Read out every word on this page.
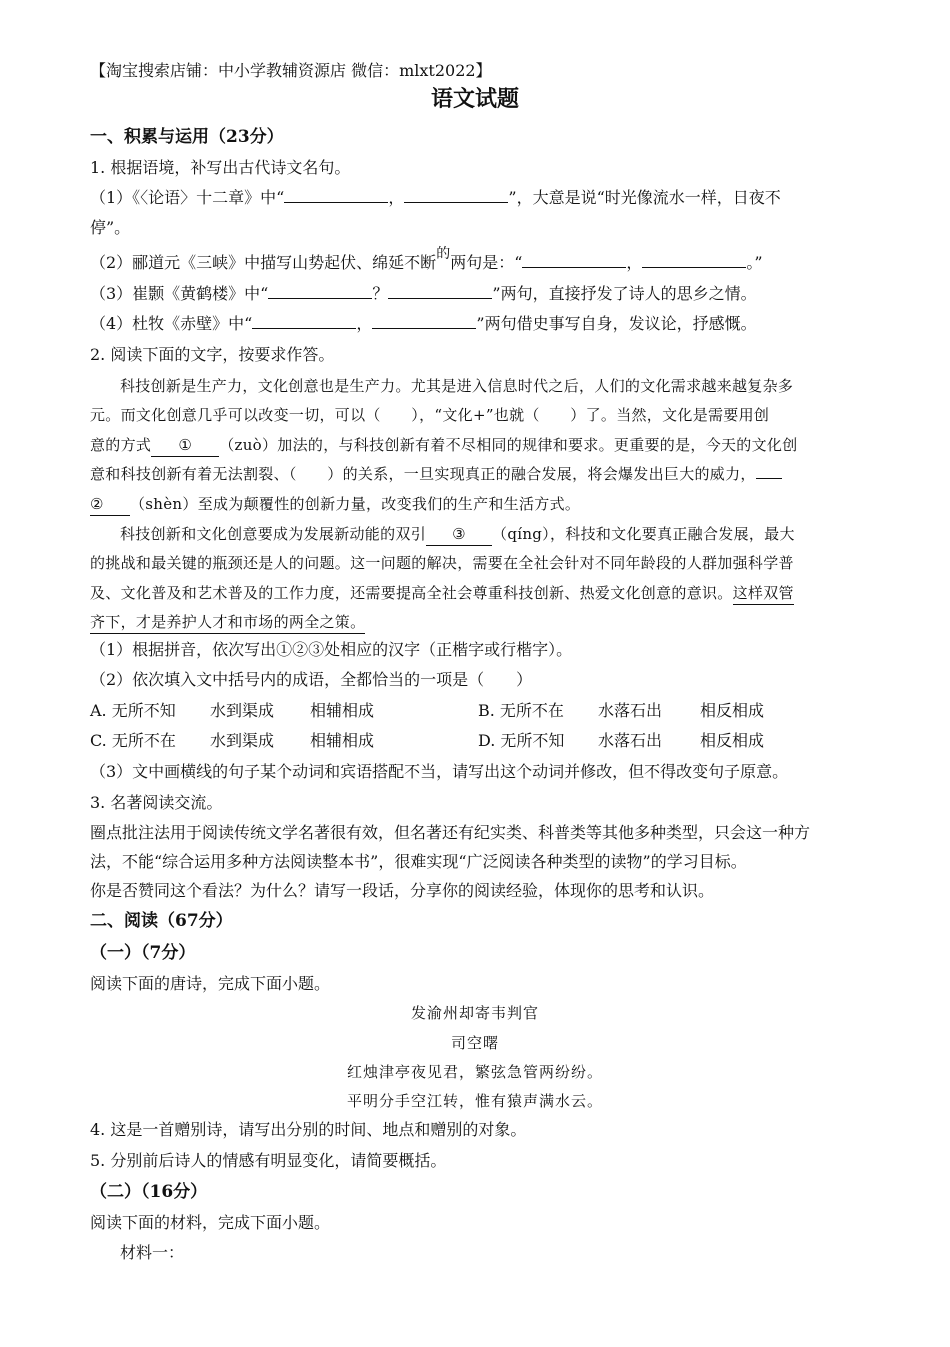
【淘宝搜索店铺：中小学教辅资源店 微信：mlxt2022】
语文试题
一、积累与运用（23分）
1. 根据语境，补写出古代诗文名句。
（1）《〈论语〉十二章》中“	，	”，大意是说“时光像流水一样，日夜不
停”。
（2）郦道元《三峡》中描写山势起伏、绵延不断的两句是：“	，	。”
（3）崔颢《黄鹤楼》中“	？	”两句，直接抒发了诗人的思乡之情。
（4）杜牧《赤壁》中“	，	”两句借史事写自身，发议论，抒感慨。
2. 阅读下面的文字，按要求作答。
科技创新是生产力，文化创意也是生产力。尤其是进入信息时代之后，人们的文化需求越来越复杂多
元。而文化创意几乎可以改变一切，可以（　　），“文化+”也就（　　）了。当然，文化是需要用创
意的方式 ① （zuò）加法的，与科技创新有着不尽相同的规律和要求。更重要的是，今天的文化创
意和科技创新有着无法割裂、（　　）的关系，一旦实现真正的融合发展，将会爆发出巨大的威力，
② （shèn）至成为颠覆性的创新力量，改变我们的生产和生活方式。
科技创新和文化创意要成为发展新动能的双引 ③ （qíng），科技和文化要真正融合发展，最大
的挑战和最关键的瓶颈还是人的问题。这一问题的解决，需要在全社会针对不同年龄段的人群加强科学普
及、文化普及和艺术普及的工作力度，还需要提高全社会尊重科技创新、热爱文化创意的意识。这样双管
齐下，才是养护人才和市场的两全之策。
（1）根据拼音，依次写出①②③处相应的汉字（正楷字或行楷字）。
（2）依次填入文中括号内的成语，全都恰当的一项是（　　）
A. 无所不知 水到渠成 相辅相成	B. 无所不在 水落石出 相反相成
C. 无所不在 水到渠成 相辅相成	D. 无所不知 水落石出 相反相成
（3）文中画横线的句子某个动词和宾语搭配不当，请写出这个动词并修改，但不得改变句子原意。
3. 名著阅读交流。
圈点批注法用于阅读传统文学名著很有效，但名著还有纪实类、科普类等其他多种类型，只会这一种方
法，不能“综合运用多种方法阅读整本书”，很难实现“广泛阅读各种类型的读物”的学习目标。
你是否赞同这个看法？为什么？请写一段话，分享你的阅读经验，体现你的思考和认识。
二、阅读（67分）
（一）（7分）
阅读下面的唐诗，完成下面小题。
发渝州却寄韦判官
司空曙
红烛津亭夜见君，繁弦急管两纷纷。
平明分手空江转，惟有猿声满水云。
4. 这是一首赠别诗，请写出分别的时间、地点和赠别的对象。
5. 分别前后诗人的情感有明显变化，请简要概括。
（二）（16分）
阅读下面的材料，完成下面小题。
材料一：
